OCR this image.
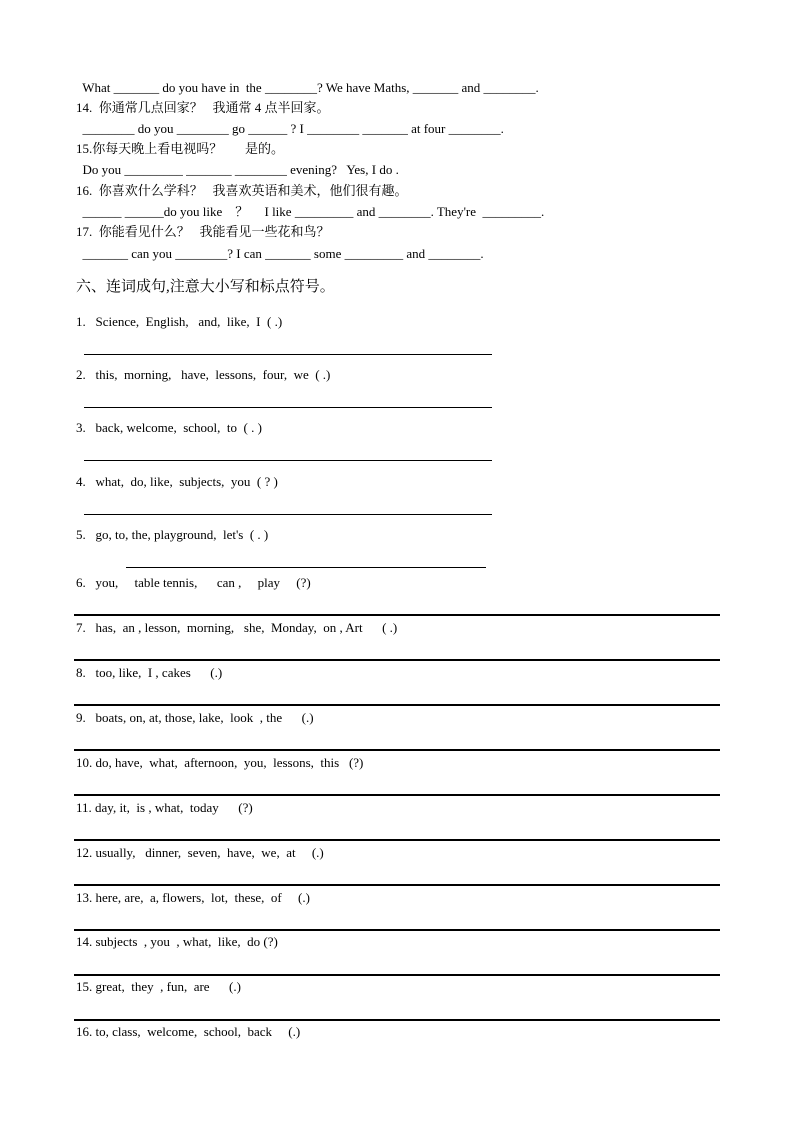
What _______ do you have in  the ________? We have Maths, _______ and ________.
14.  你通常几点回家？   我通常 4 点半回家。
________ do you ________ go ______ ? I ________ _______ at four ________.
15.你每天晚上看电视吗？       是的。
Do you _________ _______ ________ evening?   Yes, I do .
16.  你喜欢什么学科？   我喜欢英语和美术，他们很有趣。
______ ______do you like    ？     I like _________ and ________. They're  _________.
17.  你能看见什么？   我能看见一些花和鸟？
_______ can you ________? I can _______ some _________ and ________.
六、连词成句,注意大小写和标点符号。
1.   Science,  English,   and,  like,  I  ( .)
2.   this,  morning,   have,  lessons,  four,  we  ( .)
3.   back, welcome,  school,  to  ( . )
4.   what,  do, like,  subjects,  you  ( ? )
5.   go, to, the, playground,  let's  ( . )
6.   you,     table tennis,      can ,     play     (?)
7.   has,  an , lesson,  morning,   she,  Monday,  on , Art      ( .)
8.   too, like,  I , cakes      (.)
9.   boats, on, at, those, lake,  look  , the      (.)
10. do, have,  what,  afternoon,  you,  lessons,  this   (?)
11. day, it,  is , what,  today      (?)
12. usually,   dinner,  seven,  have,  we,  at     (.)
13. here, are,  a, flowers,  lot,  these,  of     (.)
14. subjects  , you  , what,  like,  do (?)
15. great,  they  , fun,  are      (.)
16. to, class,  welcome,  school,  back     (.)
